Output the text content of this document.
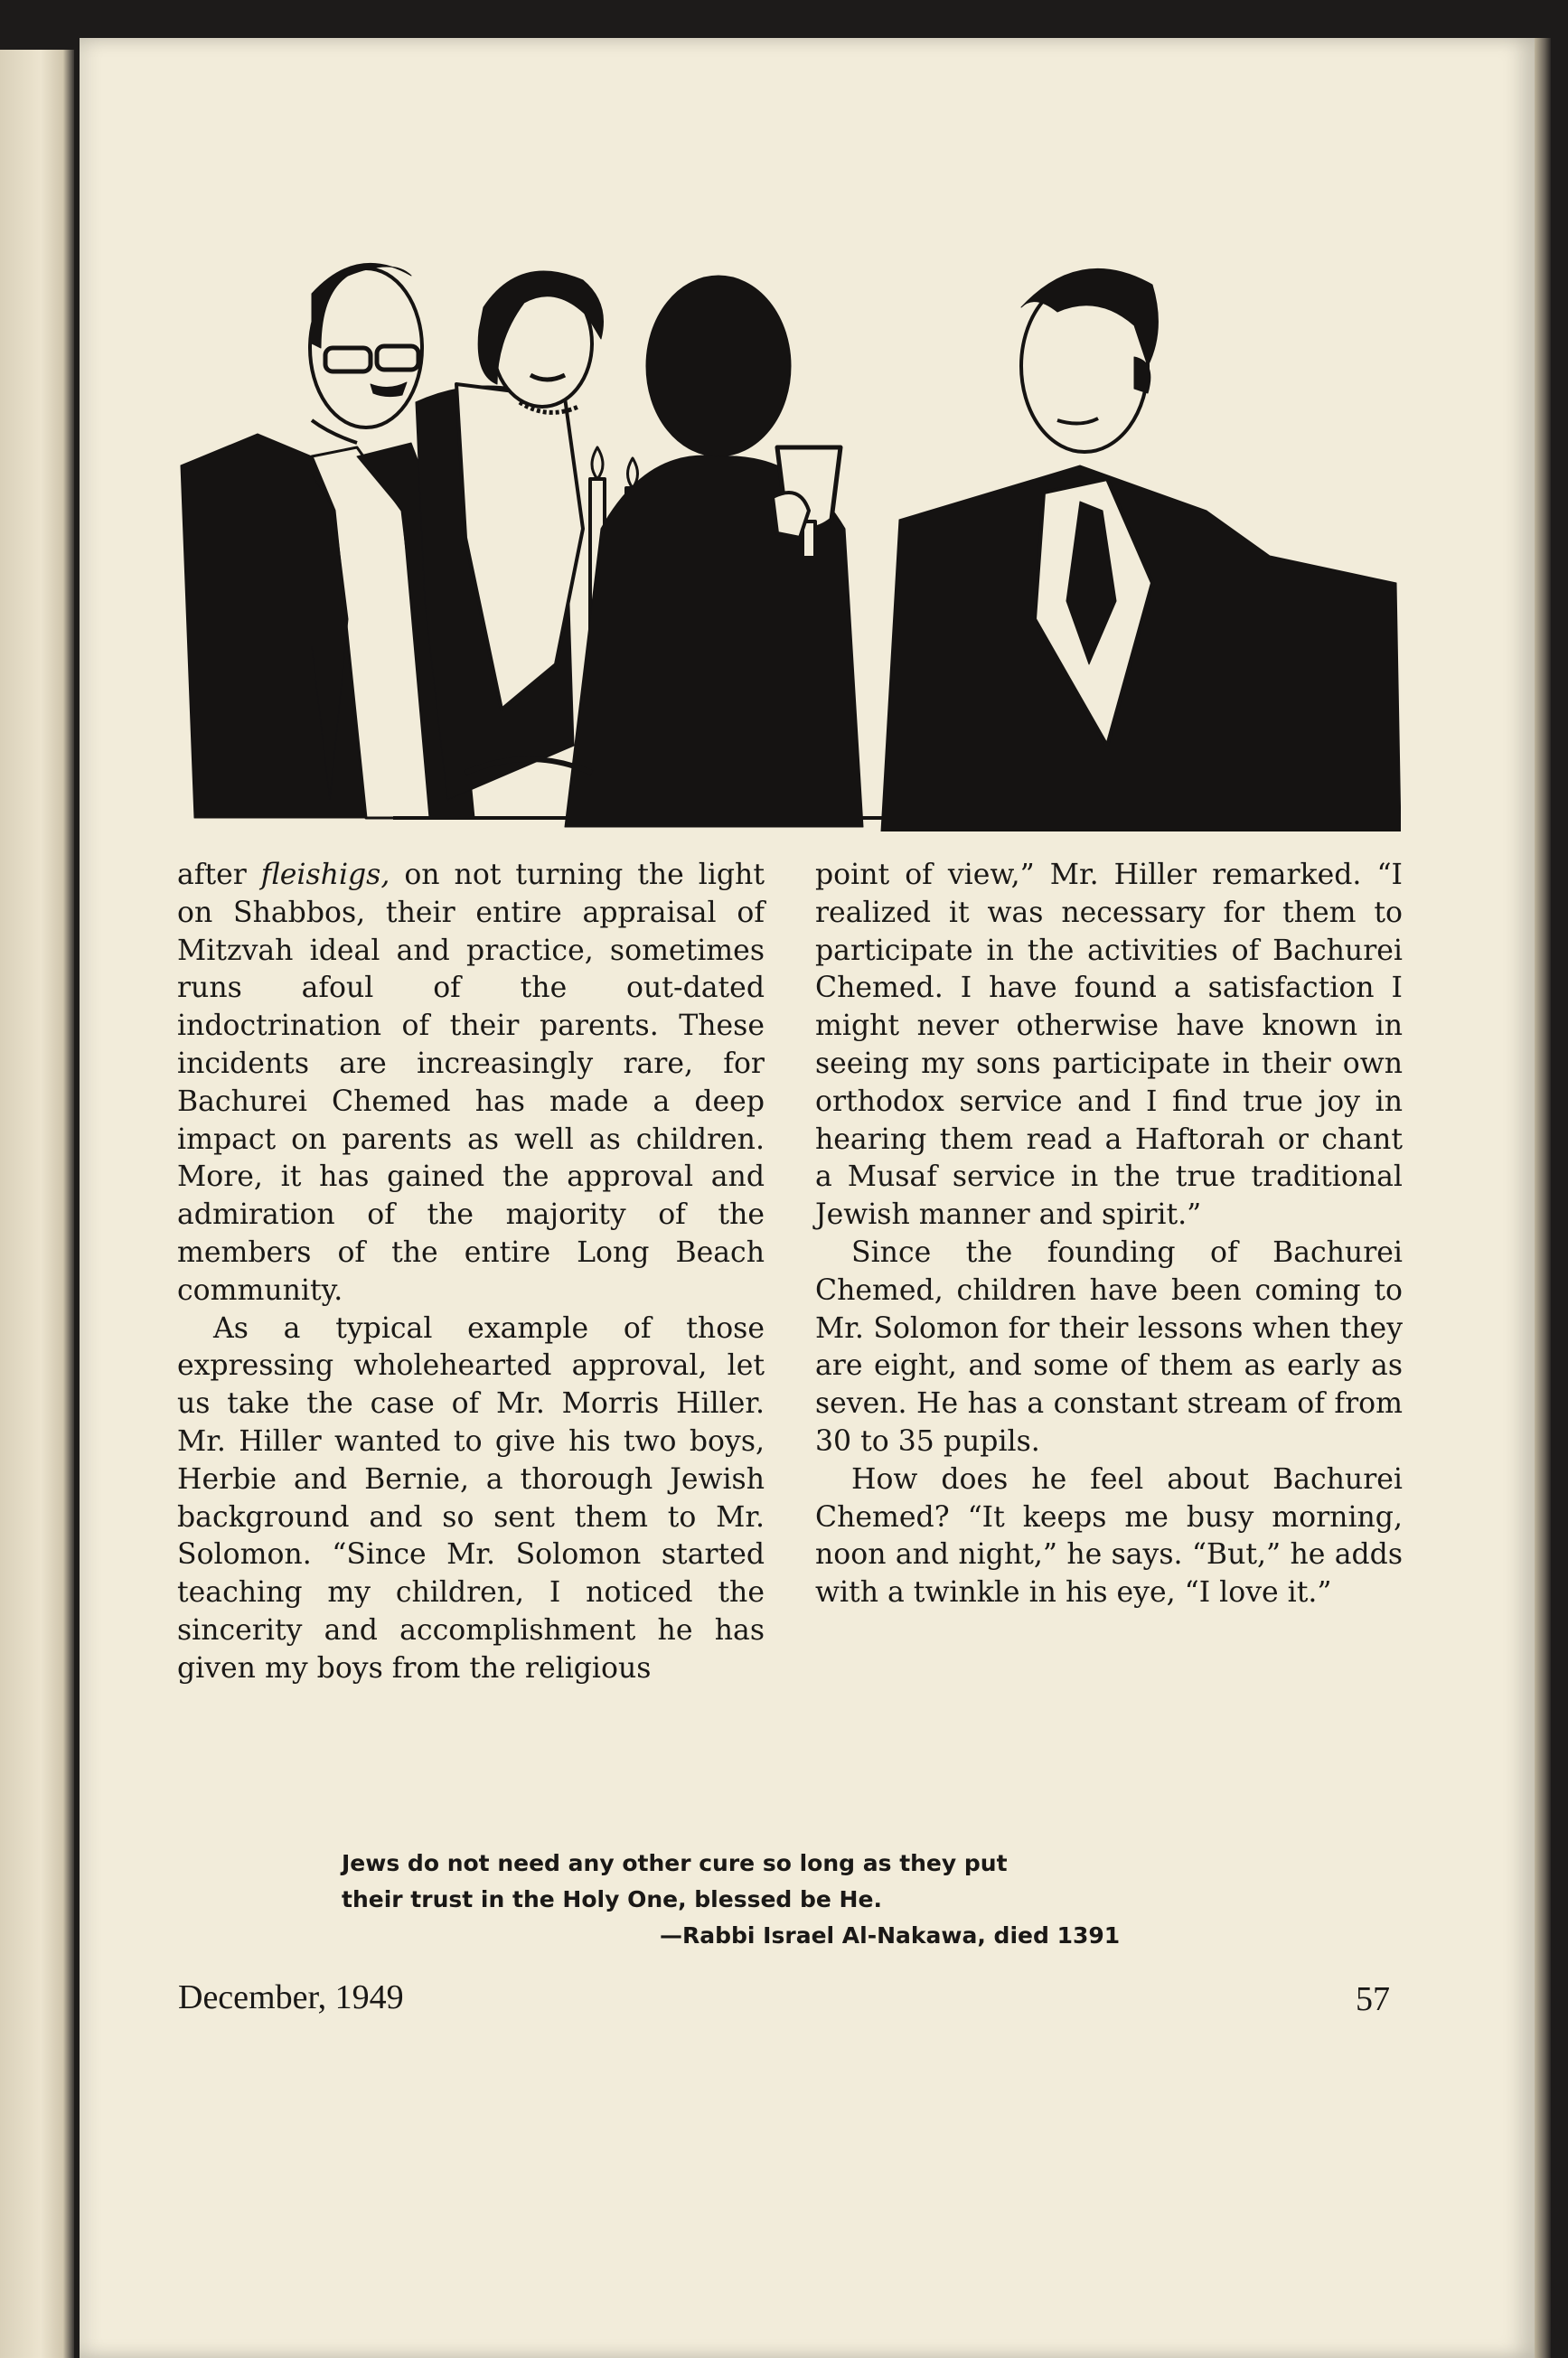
after fleishigs, on not turning the light on Shabbos, their entire appraisal of Mitzvah ideal and practice, sometimes runs afoul of the out-dated indoctrination of their parents. These incidents are increasingly rare, for Bachurei Chemed has made a deep impact on parents as well as children. More, it has gained the approval and admiration of the majority of the members of the entire Long Beach community.

As a typical example of those expressing wholehearted approval, let us take the case of Mr. Morris Hiller. Mr. Hiller wanted to give his two boys, Herbie and Bernie, a thorough Jewish background and so sent them to Mr. Solomon. “Since Mr. Solomon started teaching my children, I noticed the sincerity and accomplishment he has given my boys from the religious

point of view,” Mr. Hiller remarked. “I realized it was necessary for them to participate in the activities of Bachurei Chemed. I have found a satisfaction I might never otherwise have known in seeing my sons participate in their own orthodox service and I find true joy in hearing them read a Haftorah or chant a Musaf service in the true traditional Jewish manner and spirit.”

Since the founding of Bachurei Chemed, children have been coming to Mr. Solomon for their lessons when they are eight, and some of them as early as seven. He has a constant stream of from 30 to 35 pupils.

How does he feel about Bachurei Chemed? “It keeps me busy morning, noon and night,” he says. “But,” he adds with a twinkle in his eye, “I love it.”

Jews do not need any other cure so long as they put
their trust in the Holy One, blessed be He.
—Rabbi Israel Al-Nakawa, died 1391
December, 1949	57
